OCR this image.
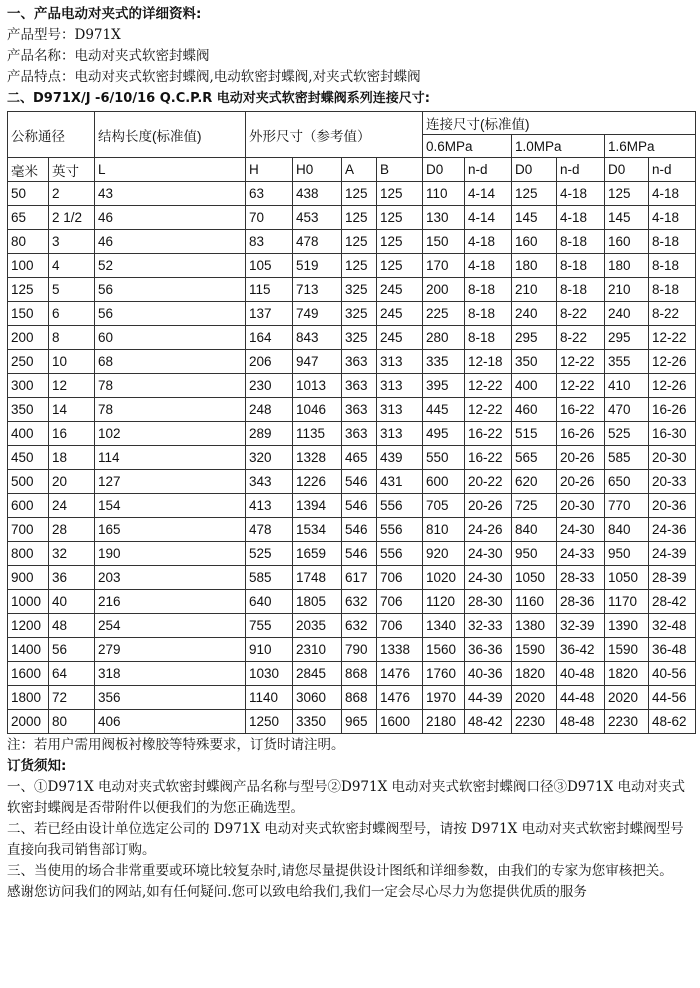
一、产品电动对夹式的详细资料:
产品型号：D971X
产品名称：电动对夹式软密封蝶阀
产品特点：电动对夹式软密封蝶阀,电动软密封蝶阀,对夹式软密封蝶阀
二、D971X/J -6/10/16 Q.C.P.R 电动对夹式软密封蝶阀系列连接尺寸:
公称通径		结构长度(标准值)	外形尺寸（参考值）				连接尺寸(标准值)					
							0.6MPa		1.0MPa		1.6MPa	
毫米	英寸	L	H	H0	A	B	D0	n-d	D0	n-d	D0	n-d
50	2	43	63	438	125	125	110	4-14	125	4-18	125	4-18
65	2 1/2	46	70	453	125	125	130	4-14	145	4-18	145	4-18
80	3	46	83	478	125	125	150	4-18	160	8-18	160	8-18
100	4	52	105	519	125	125	170	4-18	180	8-18	180	8-18
125	5	56	115	713	325	245	200	8-18	210	8-18	210	8-18
150	6	56	137	749	325	245	225	8-18	240	8-22	240	8-22
200	8	60	164	843	325	245	280	8-18	295	8-22	295	12-22
250	10	68	206	947	363	313	335	12-18	350	12-22	355	12-26
300	12	78	230	1013	363	313	395	12-22	400	12-22	410	12-26
350	14	78	248	1046	363	313	445	12-22	460	16-22	470	16-26
400	16	102	289	1135	363	313	495	16-22	515	16-26	525	16-30
450	18	114	320	1328	465	439	550	16-22	565	20-26	585	20-30
500	20	127	343	1226	546	431	600	20-22	620	20-26	650	20-33
600	24	154	413	1394	546	556	705	20-26	725	20-30	770	20-36
700	28	165	478	1534	546	556	810	24-26	840	24-30	840	24-36
800	32	190	525	1659	546	556	920	24-30	950	24-33	950	24-39
900	36	203	585	1748	617	706	1020	24-30	1050	28-33	1050	28-39
1000	40	216	640	1805	632	706	1120	28-30	1160	28-36	1170	28-42
1200	48	254	755	2035	632	706	1340	32-33	1380	32-39	1390	32-48
1400	56	279	910	2310	790	1338	1560	36-36	1590	36-42	1590	36-48
1600	64	318	1030	2845	868	1476	1760	40-36	1820	40-48	1820	40-56
1800	72	356	1140	3060	868	1476	1970	44-39	2020	44-48	2020	44-56
2000	80	406	1250	3350	965	1600	2180	48-42	2230	48-48	2230	48-62
注：若用户需用阀板衬橡胶等特殊要求，订货时请注明。
订货须知:
一、①D971X 电动对夹式软密封蝶阀产品名称与型号②D971X 电动对夹式软密封蝶阀口径③D971X 电动对夹式软密封蝶阀是否带附件以便我们的为您正确选型。
二、若已经由设计单位选定公司的 D971X 电动对夹式软密封蝶阀型号，请按 D971X 电动对夹式软密封蝶阀型号直接向我司销售部订购。
三、当使用的场合非常重要或环境比较复杂时,请您尽量提供设计图纸和详细参数，由我们的专家为您审核把关。
感谢您访问我们的网站,如有任何疑问.您可以致电给我们,我们一定会尽心尽力为您提供优质的服务
